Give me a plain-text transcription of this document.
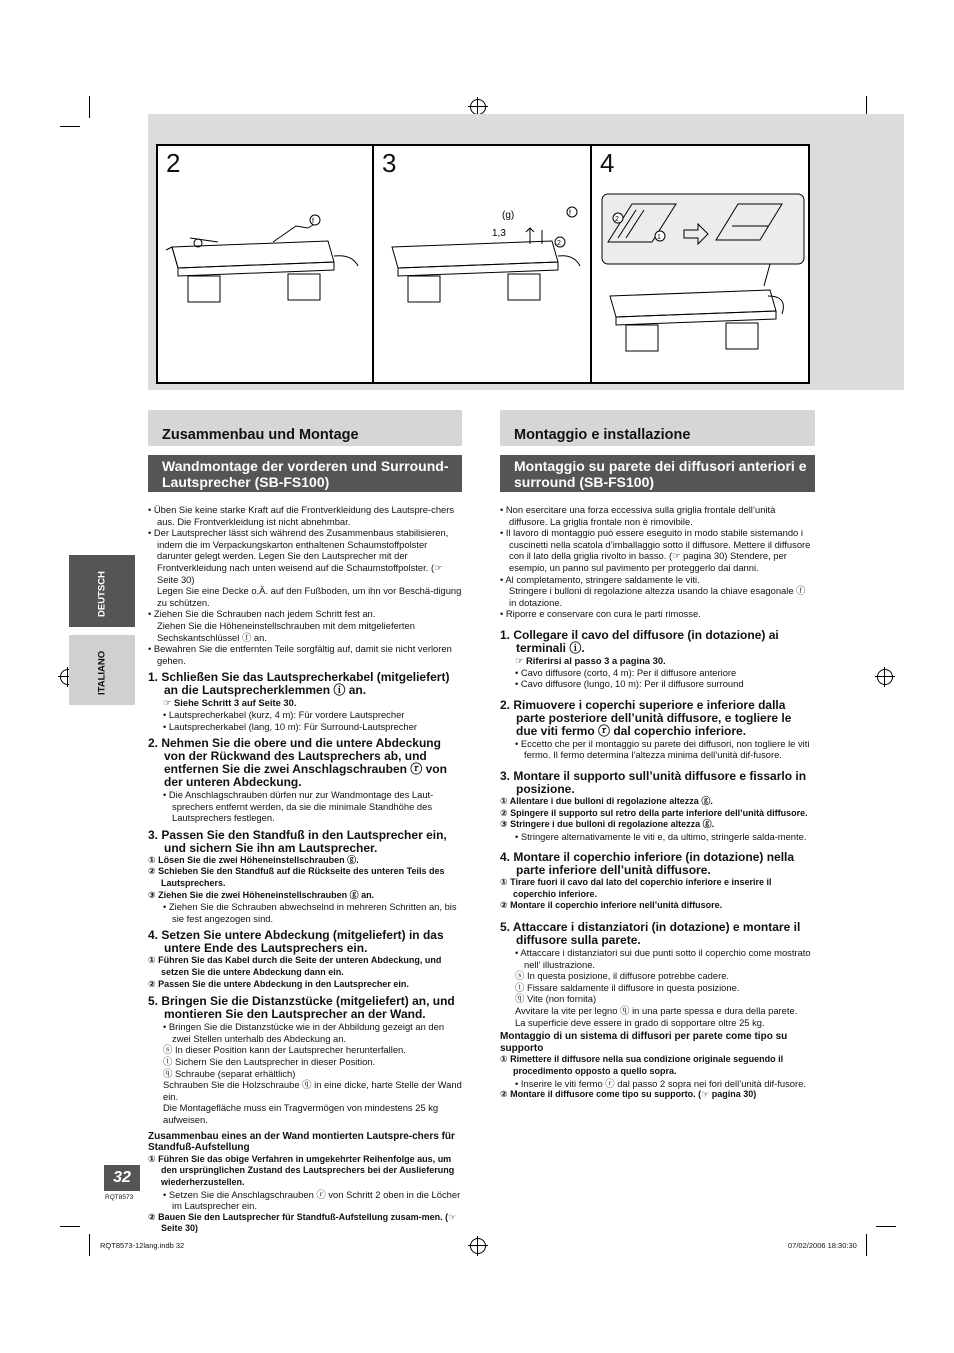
2
f
3
(g)
1,3
f
2
4
2
1
DEUTSCH
ITALIANO
Zusammenbau und Montage
Wandmontage der vorderen und Surround-Lautsprecher (SB-FS100)
Montaggio e installazione
Montaggio su parete dei diffusori anteriori e surround (SB-FS100)

• Üben Sie keine starke Kraft auf die Frontverkleidung des Lautspre-chers aus. Die Frontverkleidung ist nicht abnehmbar.

• Der Lautsprecher lässt sich während des Zusammenbaus stabilisieren, indem die im Verpackungskarton enthaltenen Schaumstoffpolster darunter gelegt werden. Legen Sie den Lautsprecher mit der Frontverkleidung nach unten weisend auf die Schaumstoffpolster. (☞ Seite 30)

Legen Sie eine Decke o.Ä. auf den Fußboden, um ihn vor Beschä-digung zu schützen.

• Ziehen Sie die Schrauben nach jedem Schritt fest an.

Ziehen Sie die Höheneinstellschrauben mit dem mitgelieferten Sechskantschlüssel ⓕ an.

• Bewahren Sie die entfernten Teile sorgfältig auf, damit sie nicht verloren gehen.

1. Schließen Sie das Lautsprecherkabel (mitgeliefert) an die Lautsprecherklemmen ⓘ an.

☞ Siehe Schritt 3 auf Seite 30.

• Lautsprecherkabel (kurz, 4 m): Für vordere Lautsprecher

• Lautsprecherkabel (lang, 10 m): Für Surround-Lautsprecher

2. Nehmen Sie die obere und die untere Abdeckung von der Rückwand des Lautsprechers ab, und entfernen Sie die zwei Anschlagschrauben ⓡ von der unteren Abdeckung.

• Die Anschlagschrauben dürfen nur zur Wandmontage des Laut-sprechers entfernt werden, da sie die minimale Standhöhe des Lautsprechers festlegen.

3. Passen Sie den Standfuß in den Lautsprecher ein, und sichern Sie ihn am Lautsprecher.

① Lösen Sie die zwei Höheneinstellschrauben ⓖ.

② Schieben Sie den Standfuß auf die Rückseite des unteren Teils des Lautsprechers.

③ Ziehen Sie die zwei Höheneinstellschrauben ⓖ an.

• Ziehen Sie die Schrauben abwechselnd in mehreren Schritten an, bis sie fest angezogen sind.

4. Setzen Sie untere Abdeckung (mitgeliefert) in das untere Ende des Lautsprechers ein.

① Führen Sie das Kabel durch die Seite der unteren Abdeckung, und setzen Sie die untere Abdeckung dann ein.

② Passen Sie die untere Abdeckung in den Lautsprecher ein.

5. Bringen Sie die Distanzstücke (mitgeliefert) an, und montieren Sie den Lautsprecher an der Wand.

• Bringen Sie die Distanzstücke wie in der Abbildung gezeigt an den zwei Stellen unterhalb des Abdeckung an.

ⓢ In dieser Position kann der Lautsprecher herunterfallen.

ⓣ Sichern Sie den Lautsprecher in dieser Position.

ⓠ Schraube (separat erhältlich)

Schrauben Sie die Holzschraube ⓠ in eine dicke, harte Stelle der Wand ein.

Die Montagefläche muss ein Tragvermögen von mindestens 25 kg aufweisen.

Zusammenbau eines an der Wand montierten Lautspre-chers für Standfuß-Aufstellung

① Führen Sie das obige Verfahren in umgekehrter Reihenfolge aus, um den ursprünglichen Zustand des Lautsprechers bei der Auslieferung wiederherzustellen.

• Setzen Sie die Anschlagschrauben ⓡ von Schritt 2 oben in die Löcher im Lautsprecher ein.

② Bauen Sie den Lautsprecher für Standfuß-Aufstellung zusam-men. (☞ Seite 30)

• Non esercitare una forza eccessiva sulla griglia frontale dell’unità diffusore. La griglia frontale non è rimovibile.

• Il lavoro di montaggio può essere eseguito in modo stabile sistemando i cuscinetti nella scatola d’imballaggio sotto il diffusore. Mettere il diffusore con il lato della griglia rivolto in basso. (☞ pagina 30) Stendere, per esempio, un panno sul pavimento per proteggerlo dai danni.

• Al completamento, stringere saldamente le viti.

Stringere i bulloni di regolazione altezza usando la chiave esagonale ⓕ in dotazione.

• Riporre e conservare con cura le parti rimosse.

1. Collegare il cavo del diffusore (in dotazione) ai terminali ⓘ.

☞ Riferirsi al passo 3 a pagina 30.

• Cavo diffusore (corto, 4 m): Per il diffusore anteriore

• Cavo diffusore (lungo, 10 m): Per il diffusore surround

2. Rimuovere i coperchi superiore e inferiore dalla parte posteriore dell’unità diffusore, e togliere le due viti fermo ⓡ dal coperchio inferiore.

• Eccetto che per il montaggio su parete dei diffusori, non togliere le viti fermo. Il fermo determina l’altezza minima dell’unità dif-fusore.

3. Montare il supporto sull’unità diffusore e fissarlo in posizione.

① Allentare i due bulloni di regolazione altezza ⓖ.

② Spingere il supporto sul retro della parte inferiore dell’unità diffusore.

③ Stringere i due bulloni di regolazione altezza ⓖ.

• Stringere alternativamente le viti e, da ultimo, stringerle salda-mente.

4. Montare il coperchio inferiore (in dotazione) nella parte inferiore dell’unità diffusore.

① Tirare fuori il cavo dal lato del coperchio inferiore e inserire il coperchio inferiore.

② Montare il coperchio inferiore nell’unità diffusore.

5. Attaccare i distanziatori (in dotazione) e montare il diffusore sulla parete.

• Attaccare i distanziatori sui due punti sotto il coperchio come mostrato nell’ illustrazione.

ⓢ In questa posizione, il diffusore potrebbe cadere.

ⓣ Fissare saldamente il diffusore in questa posizione.

ⓠ Vite (non fornita)

Avvitare la vite per legno ⓠ in una parte spessa e dura della parete.

La superficie deve essere in grado di sopportare oltre 25 kg.

Montaggio di un sistema di diffusori per parete come tipo su supporto

① Rimettere il diffusore nella sua condizione originale seguendo il procedimento opposto a quello sopra.

• Inserire le viti fermo ⓡ dal passo 2 sopra nei fori dell’unità dif-fusore.

② Montare il diffusore come tipo su supporto. (☞ pagina 30)

32
RQT8573
RQT8573-12lang.indb 32	07/02/2006 18:30:30
